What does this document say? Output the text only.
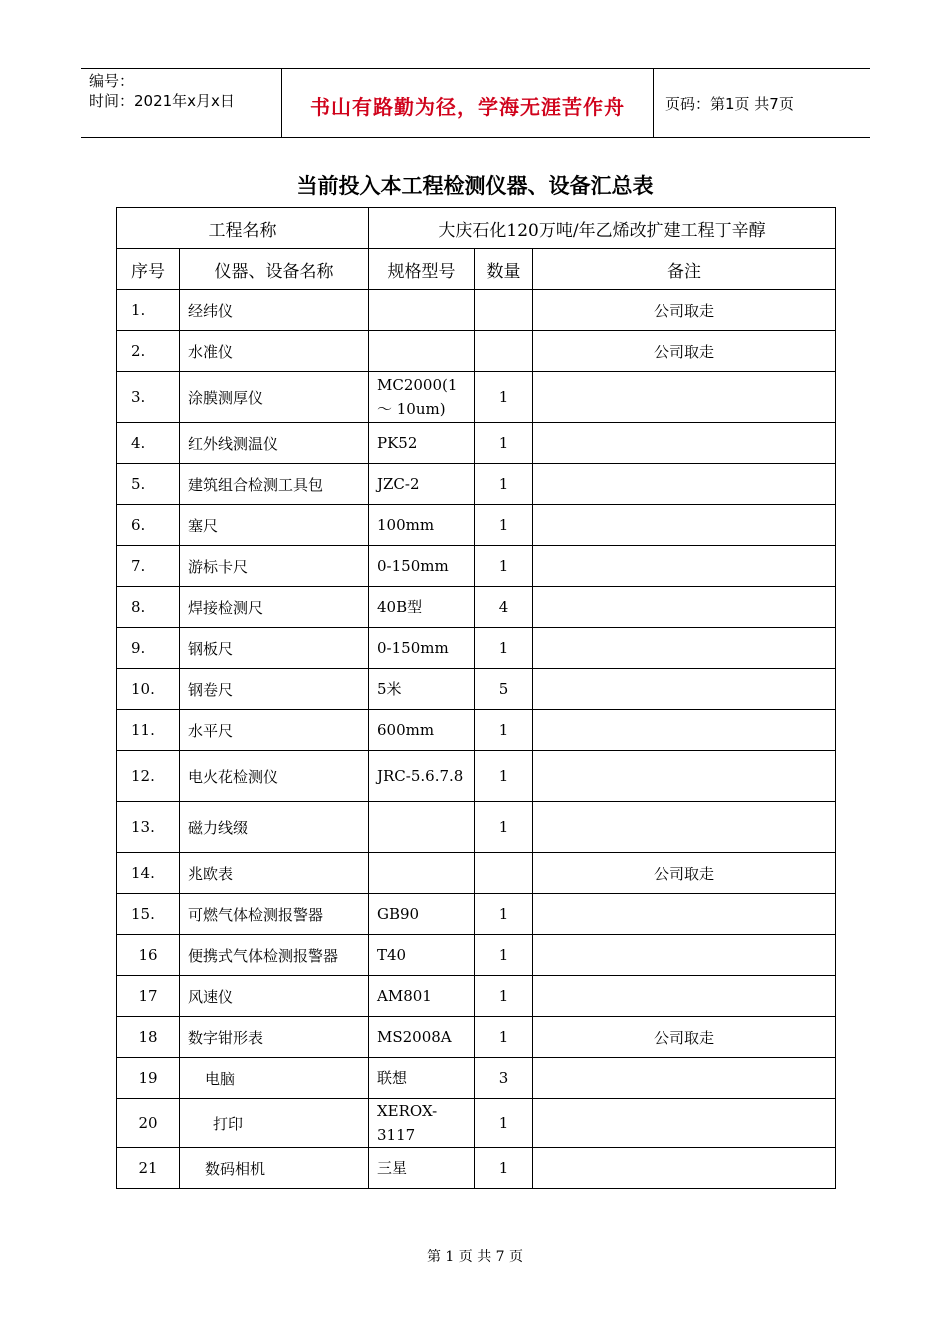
编号：
时间：2021年x月x日	书山有路勤为径，学海无涯苦作舟	页码：第1页 共7页
当前投入本工程检测仪器、设备汇总表
工程名称		大庆石化120万吨/年乙烯改扩建工程丁辛醇		
序号	仪器、设备名称	规格型号	数量	备注
1.	经纬仪			公司取走
2.	水准仪			公司取走
3.	涂膜测厚仪	MC2000(1 ～ 10um)	1	
4.	红外线测温仪	PK52	1	
5.	建筑组合检测工具包	JZC-2	1	
6.	塞尺	100mm	1	
7.	游标卡尺	0-150mm	1	
8.	焊接检测尺	40B型	4	
9.	钢板尺	0-150mm	1	
10.	钢卷尺	5米	5	
11.	水平尺	600mm	1	
12.	电火花检测仪	JRC-5.6.7.8	1	
13.	磁力线缀		1	
14.	兆欧表			公司取走
15.	可燃气体检测报警器	GB90	1	
16	便携式气体检测报警器	T40	1	
17	风速仪	AM801	1	
18	数字钳形表	MS2008A	1	公司取走
19	电脑	联想	3	
20	打印	XEROX-3117	1	
21	数码相机	三星	1	
第 1 页 共 7 页
